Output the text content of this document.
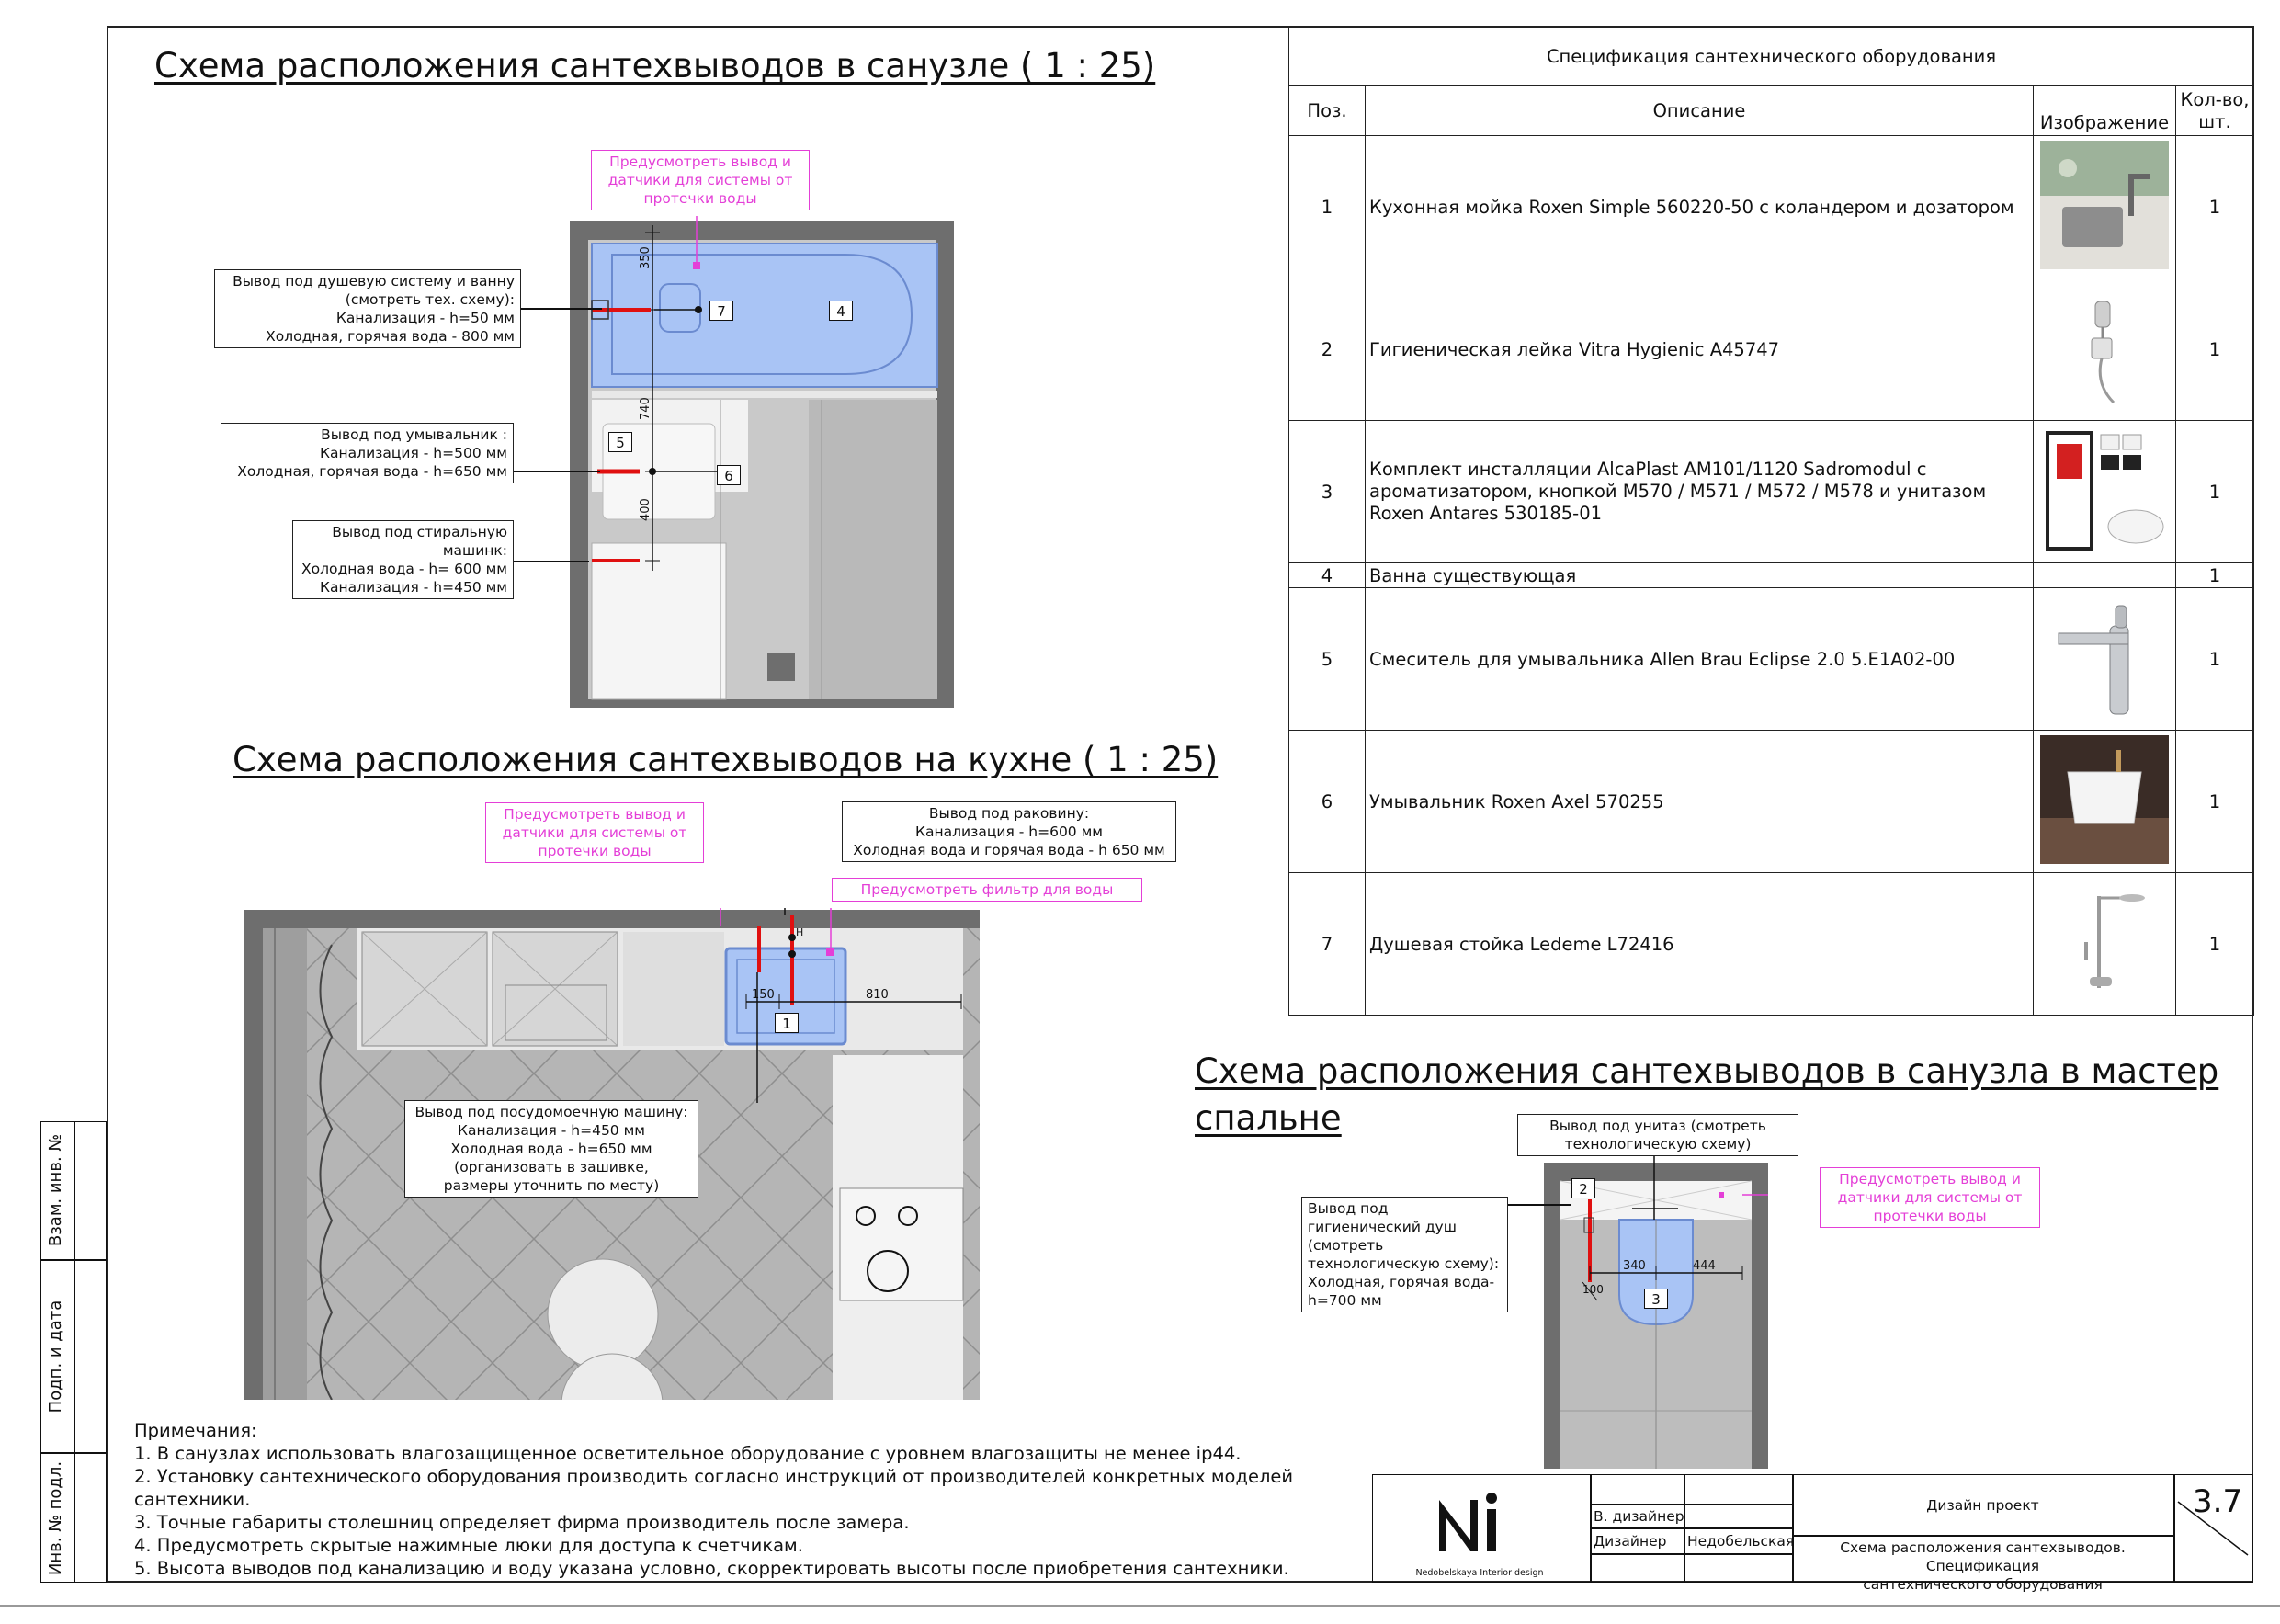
Схема расположения сантехвыводов в санузле ( 1 : 25)
350
740
400
Предусмотреть вывод и
датчики для системы от
протечки воды
Вывод под душевую систему и ванну
(смотреть тех. схему):
Канализация - h=50 мм
Холодная, горячая вода - 800 мм
Вывод под умывальник :
Канализация - h=500 мм
Холодная, горячая вода - h=650 мм
Вывод под стиральную
машинк:
Холодная вода - h= 600 мм
Канализация - h=450 мм
7	4
5
6
Схема расположения сантехвыводов на кухне ( 1 : 25)
150	810
H
Предусмотреть вывод и
датчики для системы от
протечки воды
Вывод под раковину:
Канализация - h=600 мм
Холодная вода и горячая вода - h 650 мм
Предусмотреть фильтр для воды
Вывод под посудомоечную машину:
Канализация - h=450 мм
Холодная вода - h=650 мм
(организовать в зашивке,
размеры уточнить по месту)
1
Спецификация сантехнического оборудования			
Поз.	Описание	Изображение	Кол-во,
шт.
1	Кухонная мойка Roxen Simple 560220-50 с коландером и дозатором		1
2	Гигиеническая лейка Vitra Hygienic A45747		1
3	Комплект инсталляции AlcaPlast AM101/1120 Sadromodul с ароматизатором, кнопкой M570 / M571 / M572 / M578 и унитазом Roxen Antares 530185-01		1
4	Ванна существующая		1
5	Смеситель для умывальника Allen Brau Eclipse 2.0 5.E1A02-00		1
6	Умывальник Roxen Axel 570255		1
7	Душевая стойка Ledeme L72416		1
Схема расположения сантехвыводов в санузла в мастер
спальне
340	444
100
Вывод под унитаз (смотреть
технологическую схему)
Предусмотреть вывод и
датчики для системы от
протечки воды
Вывод под
гигиенический душ
(смотреть
технологическую схему):
Холодная, горячая вода-
h=700 мм
2
3
Примечания:
1. В санузлах использовать влагозащищенное осветительное оборудование с уровнем влагозащиты не менее ip44.
2. Установку сантехнического оборудования производить согласно инструкций от производителей конкретных моделей сантехники.
3. Точные габариты столешниц определяет фирма производитель после замера.
4. Предусмотреть скрытые нажимные люки для доступа к счетчикам.
5. Высота выводов под канализацию и воду указана условно, скорректировать высоты после приобретения сантехники.
Взам. инв. №
Подп. и дата
Инв. № подл.	Nedobelskaya Interior design
В. дизайнер
Дизайнер Недобельская
Дизайн проект
Схема расположения сантехвыводов. Спецификация
сантехнического оборудования
3.7
